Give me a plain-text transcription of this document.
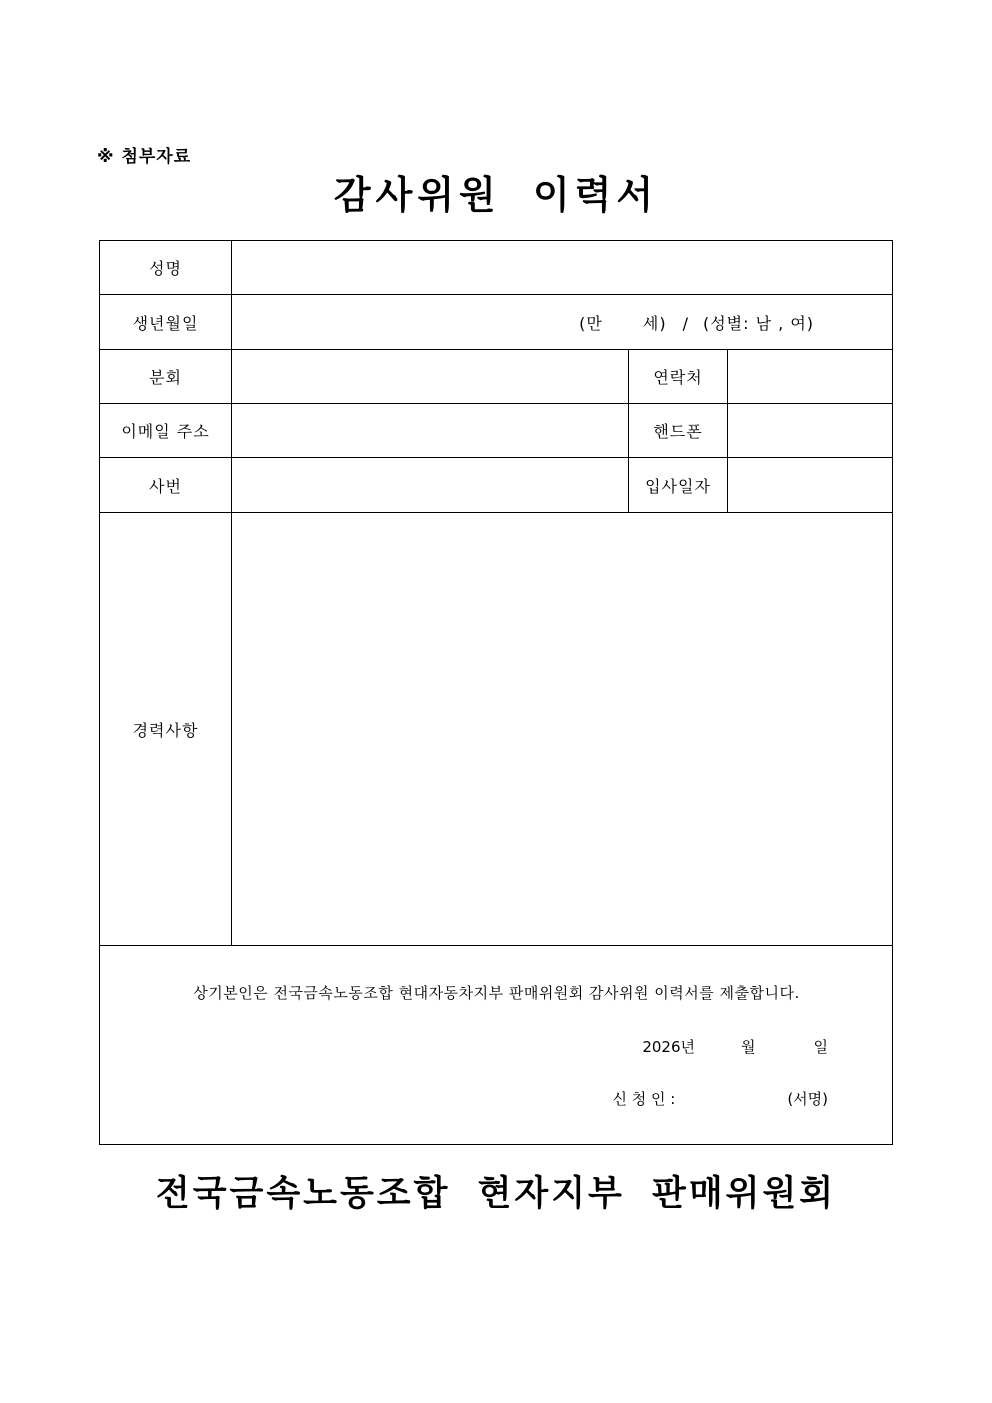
※ 첨부자료
감사위원 이력서
성명			
생년월일	(만 세) / (성별: 남 , 여)		
분회		연락처	
이메일 주소		핸드폰	
사번		입사일자	
경력사항			

상기본인은 전국금속노동조합 현대자동차지부 판매위원회 감사위원 이력서를 제출합니다.
2026년 월 일
신 청 인 : (서명)			
전국금속노동조합 현자지부 판매위원회
